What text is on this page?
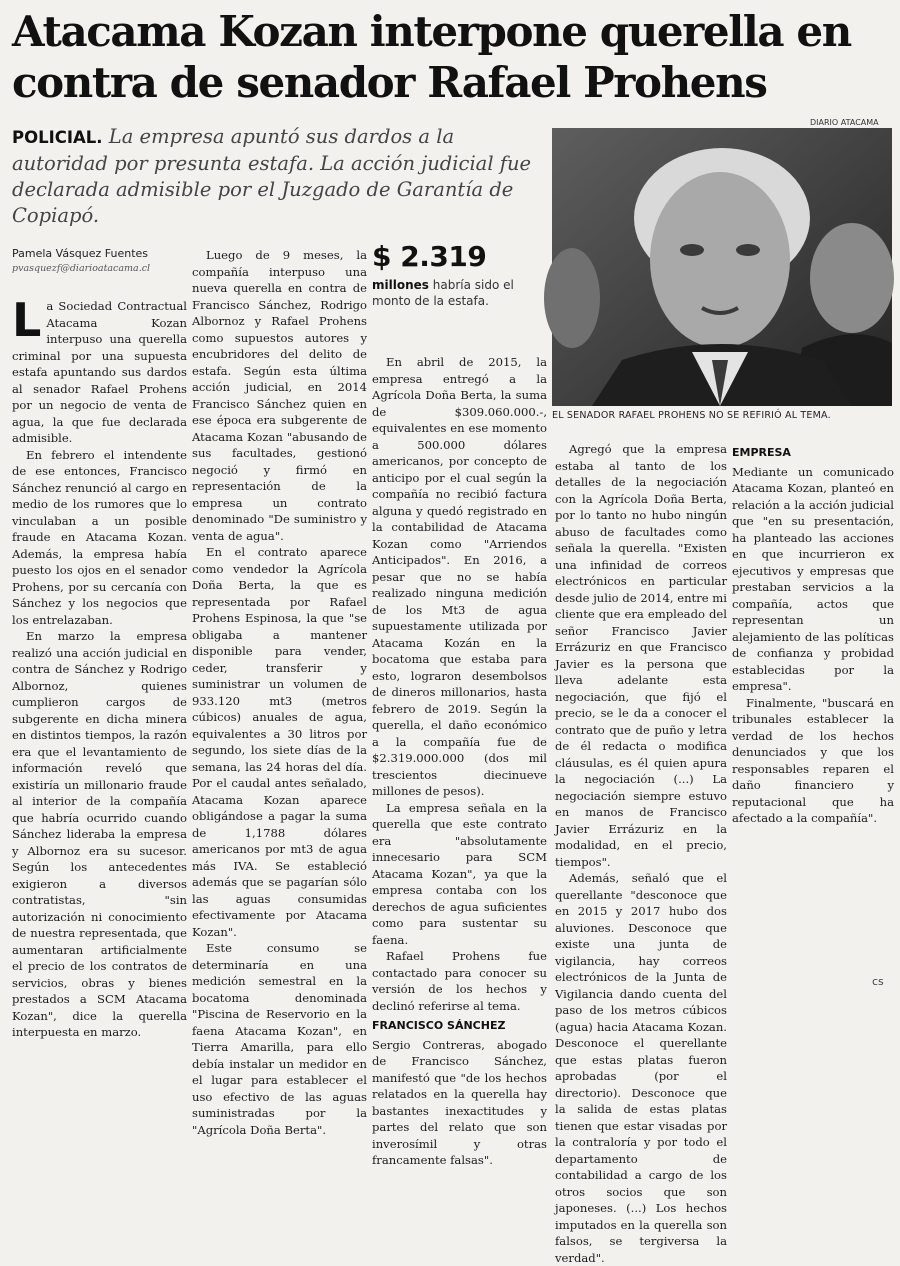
Atacama Kozan interpone querella en contra de senador Rafael Prohens
POLICIAL. La empresa apuntó sus dardos a la autoridad por presunta estafa. La acción judicial fue declarada admisible por el Juzgado de Garantía de Copiapó.
DIARIO ATACAMA
EL SENADOR RAFAEL PROHENS NO SE REFIRIÓ AL TEMA.
Pamela Vásquez Fuentes
pvasquezf@diarioatacama.cl	$ 2.319
millones habría sido el monto de la estafa.

La Sociedad Contractual Atacama Kozan interpuso una querella criminal por una supuesta estafa apuntando sus dardos al senador Rafael Prohens por un negocio de venta de agua, la que fue declarada admisible.

En febrero el intendente de ese entonces, Francisco Sánchez renunció al cargo en medio de los rumores que lo vinculaban a un posible fraude en Atacama Kozan. Además, la empresa había puesto los ojos en el senador Prohens, por su cercanía con Sánchez y los negocios que los entrelazaban.

En marzo la empresa realizó una acción judicial en contra de Sánchez y Rodrigo Albornoz, quienes cumplieron cargos de subgerente en dicha minera en distintos tiempos, la razón era que el levantamiento de información reveló que existiría un millonario fraude al interior de la compañía que habría ocurrido cuando Sánchez lideraba la empresa y Albornoz era su sucesor. Según los antecedentes exigieron a diversos contratistas, "sin autorización ni conocimiento de nuestra representada, que aumentaran artificialmente el precio de los contratos de servicios, obras y bienes prestados a SCM Atacama Kozan", dice la querella interpuesta en marzo.

Luego de 9 meses, la compañía interpuso una nueva querella en contra de Francisco Sánchez, Rodrigo Albornoz y Rafael Prohens como supuestos autores y encubridores del delito de estafa. Según esta última acción judicial, en 2014 Francisco Sánchez quien en ese época era subgerente de Atacama Kozan "abusando de sus facultades, gestionó negoció y firmó en representación de la empresa un contrato denominado "De suministro y venta de agua".

En el contrato aparece como vendedor la Agrícola Doña Berta, la que es representada por Rafael Prohens Espinosa, la que "se obligaba a mantener disponible para vender, ceder, transferir y suministrar un volumen de 933.120 mt3 (metros cúbicos) anuales de agua, equivalentes a 30 litros por segundo, los siete días de la semana, las 24 horas del día. Por el caudal antes señalado, Atacama Kozan aparece obligándose a pagar la suma de 1,1788 dólares americanos por mt3 de agua más IVA. Se estableció además que se pagarían sólo las aguas consumidas efectivamente por Atacama Kozan".

Este consumo se determinaría en una medición semestral en la bocatoma denominada "Piscina de Reservorio en la faena Atacama Kozan", en Tierra Amarilla, para ello debía instalar un medidor en el lugar para establecer el uso efectivo de las aguas suministradas por la "Agrícola Doña Berta".

En abril de 2015, la empresa entregó a la Agrícola Doña Berta, la suma de $309.060.000.-, equivalentes en ese momento a 500.000 dólares americanos, por concepto de anticipo por el cual según la compañía no recibió factura alguna y quedó registrado en la contabilidad de Atacama Kozan como "Arriendos Anticipados". En 2016, a pesar que no se había realizado ninguna medición de los Mt3 de agua supuestamente utilizada por Atacama Kozán en la bocatoma que estaba para esto, lograron desembolsos de dineros millonarios, hasta febrero de 2019. Según la querella, el daño económico a la compañía fue de $2.319.000.000 (dos mil trescientos diecinueve millones de pesos).

La empresa señala en la querella que este contrato era "absolutamente innecesario para SCM Atacama Kozan", ya que la empresa contaba con los derechos de agua suficientes como para sustentar su faena.

Rafael Prohens fue contactado para conocer su versión de los hechos y declinó referirse al tema.

FRANCISCO SÁNCHEZ

Sergio Contreras, abogado de Francisco Sánchez, manifestó que "de los hechos relatados en la querella hay bastantes inexactitudes y partes del relato que son inverosímil y otras francamente falsas".

Agregó que la empresa estaba al tanto de los detalles de la negociación con la Agrícola Doña Berta, por lo tanto no hubo ningún abuso de facultades como señala la querella. "Existen una infinidad de correos electrónicos en particular desde julio de 2014, entre mi cliente que era empleado del señor Francisco Javier Errázuriz en que Francisco Javier es la persona que lleva adelante esta negociación, que fijó el precio, se le da a conocer el contrato que de puño y letra de él redacta o modifica cláusulas, es él quien apura la negociación (...) La negociación siempre estuvo en manos de Francisco Javier Errázuriz en la modalidad, en el precio, tiempos".

Además, señaló que el querellante "desconoce que en 2015 y 2017 hubo dos aluviones. Desconoce que existe una junta de vigilancia, hay correos electrónicos de la Junta de Vigilancia dando cuenta del paso de los metros cúbicos (agua) hacia Atacama Kozan. Desconoce el querellante que estas platas fueron aprobadas (por el directorio). Desconoce que la salida de estas platas tienen que estar visadas por la contraloría y por todo el departamento de contabilidad a cargo de los otros socios que son japoneses. (...) Los hechos imputados en la querella son falsos, se tergiversa la verdad".

EMPRESA

Mediante un comunicado Atacama Kozan, planteó en relación a la acción judicial que "en su presentación, ha planteado las acciones en que incurrieron ex ejecutivos y empresas que prestaban servicios a la compañía, actos que representan un alejamiento de las políticas de confianza y probidad establecidas por la empresa".

Finalmente, "buscará en tribunales establecer la verdad de los hechos denunciados y que los responsables reparen el daño financiero y reputacional que ha afectado a la compañía".

cs
